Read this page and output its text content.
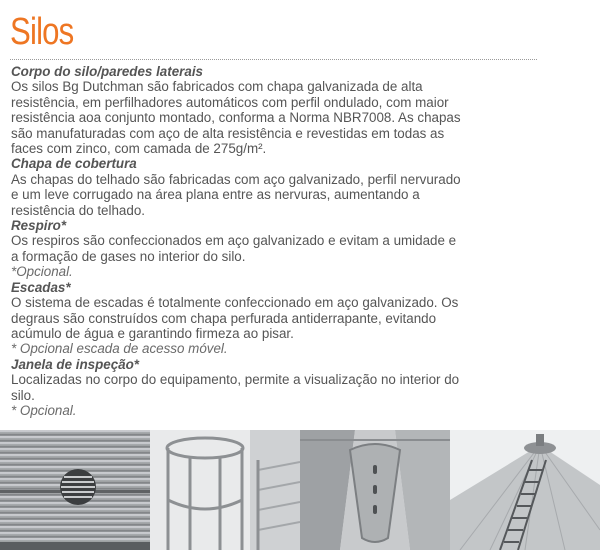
Silos
Corpo do silo/paredes laterais

Os silos Bg Dutchman são fabricados com chapa galvanizada de alta

resistência, em perfilhadores automáticos com perfil ondulado, com maior

resistência aoa conjunto montado, conforma a Norma NBR7008. As chapas

são manufaturadas com aço de alta resistência e revestidas em todas as

faces com zinco, com camada de 275g/m².

Chapa de cobertura

As chapas do telhado são fabricadas com aço galvanizado, perfil nervurado

e um leve corrugado na área plana entre as nervuras, aumentando a

resistência do telhado.

Respiro*

Os respiros são confeccionados em aço galvanizado e evitam a umidade e

a formação de gases no interior do silo.

*Opcional.

Escadas*

O sistema de escadas é totalmente confeccionado em aço galvanizado. Os

degraus são construídos com chapa perfurada antiderrapante, evitando

acúmulo de água e garantindo firmeza ao pisar.

* Opcional escada de acesso móvel.

Janela de inspeção*

Localizadas no corpo do equipamento, permite a visualização no interior do

silo.

* Opcional.
